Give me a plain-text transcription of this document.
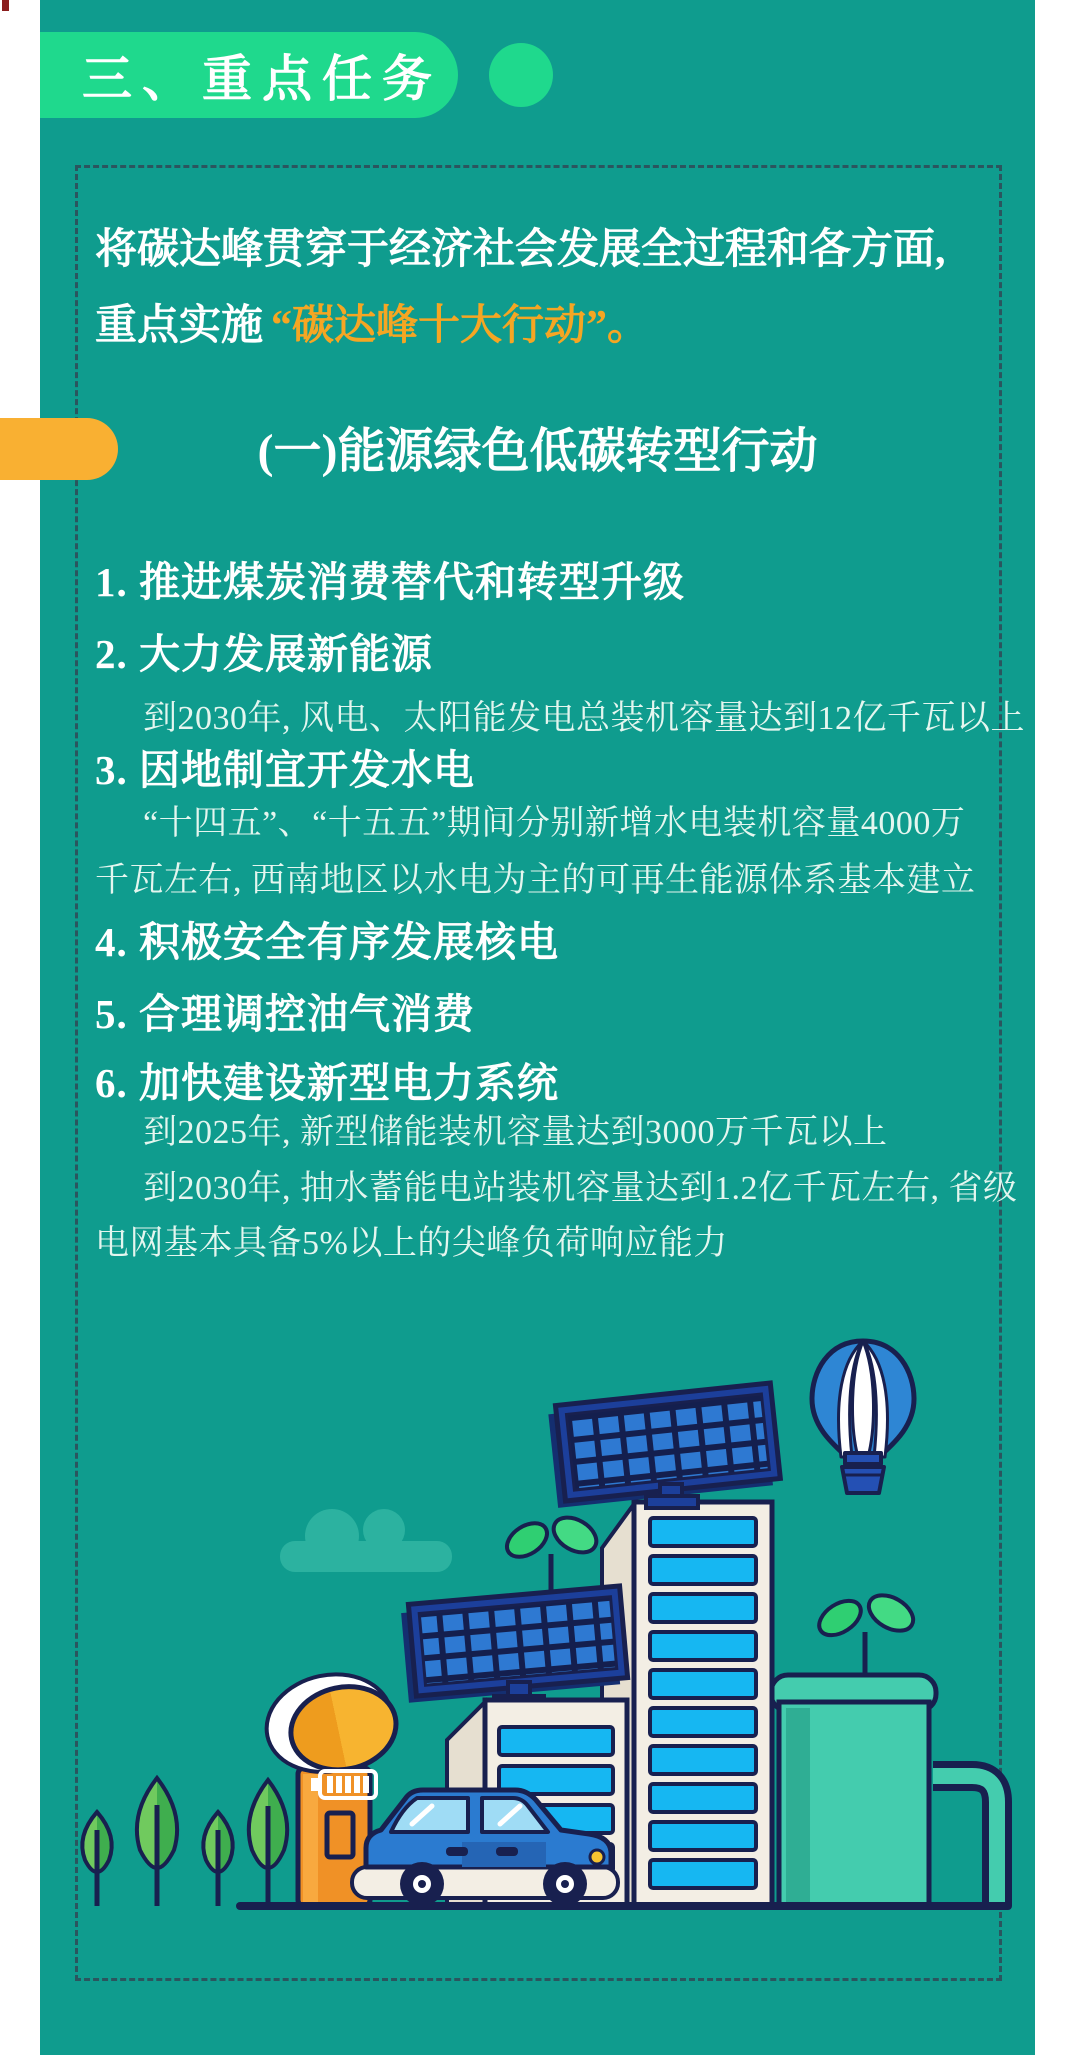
三、重点任务
将碳达峰贯穿于经济社会发展全过程和各方面,
重点实施 “碳达峰十大行动”。
(一)能源绿色低碳转型行动
1. 推进煤炭消费替代和转型升级
2. 大力发展新能源
到2030年, 风电、太阳能发电总装机容量达到12亿千瓦以上
3. 因地制宜开发水电
“十四五”、“十五五”期间分别新增水电装机容量4000万
千瓦左右, 西南地区以水电为主的可再生能源体系基本建立
4. 积极安全有序发展核电
5. 合理调控油气消费
6. 加快建设新型电力系统
到2025年, 新型储能装机容量达到3000万千瓦以上
到2030年, 抽水蓄能电站装机容量达到1.2亿千瓦左右, 省级
电网基本具备5%以上的尖峰负荷响应能力
